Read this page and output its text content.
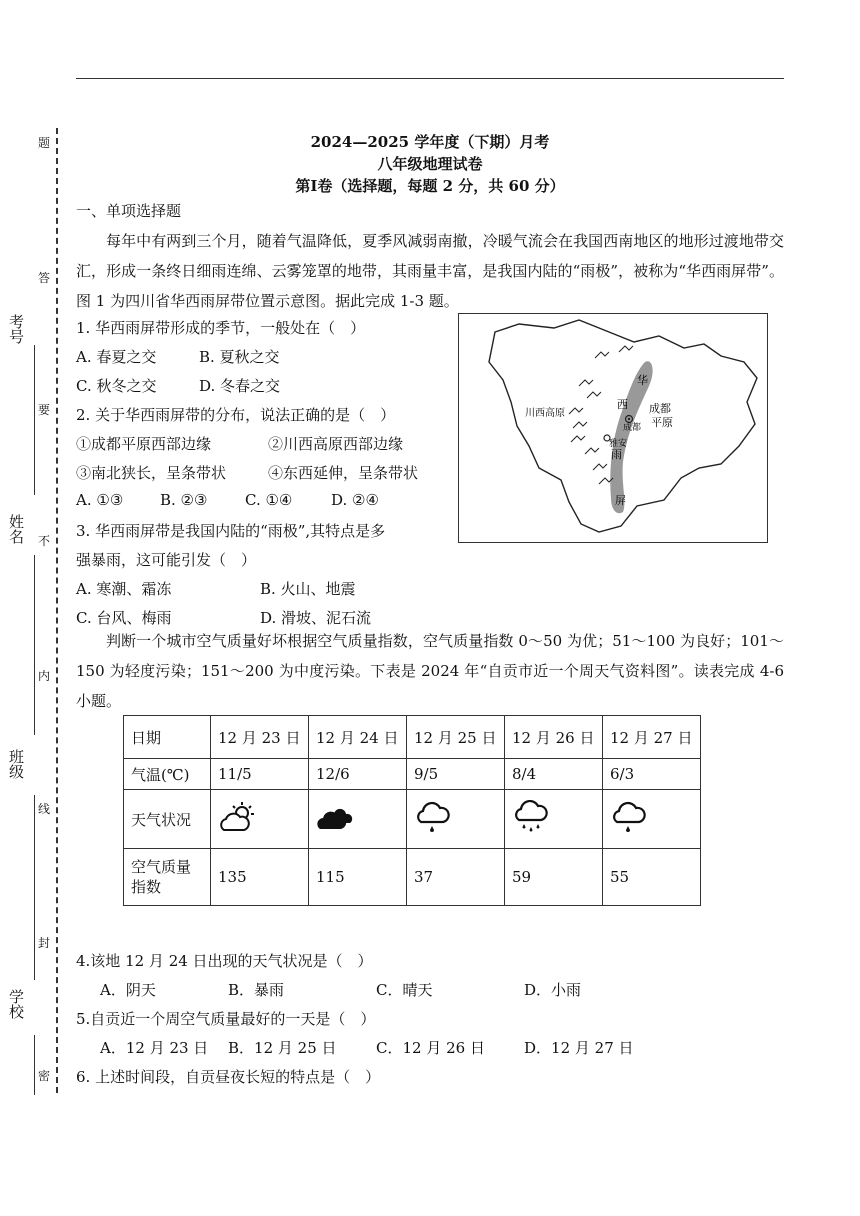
考号
姓名
班级
学校
题
答
要
不
内
线
封
密
2024—2025 学年度（下期）月考
八年级地理试卷
第Ⅰ卷（选择题，每题 2 分，共 60 分）
一、单项选择题
每年中有两到三个月，随着气温降低，夏季风减弱南撤，冷暖气流会在我国西南地区的地形过渡地带交汇，形成一条终日细雨连绵、云雾笼罩的地带，其雨量丰富，是我国内陆的“雨极”，被称为“华西雨屏带”。图 1 为四川省华西雨屏带位置示意图。据此完成 1-3 题。
1. 华西雨屏带形成的季节，一般处在（　）
A. 春夏之交	B. 夏秋之交
C. 秋冬之交	D. 冬春之交
2. 关于华西雨屏带的分布，说法正确的是（　）
①成都平原西部边缘	②川西高原西部边缘
③南北狭长，呈条带状	④东西延伸，呈条带状
A. ①③ B. ②③	C. ①④	D. ②④
3. 华西雨屏带是我国内陆的“雨极”,其特点是多
强暴雨，这可能引发（　）
A. 寒潮、霜冻	B. 火山、地震
C. 台风、梅雨	D. 滑坡、泥石流
川西高原
成都
雅安
成都
平原
华
西
雨
屏
判断一个城市空气质量好坏根据空气质量指数，空气质量指数 0～50 为优；51～100 为良好；101～150 为轻度污染；151～200 为中度污染。下表是 2024 年“自贡市近一个周天气资料图”。读表完成 4-6 小题。
日期	12 月 23 日	12 月 24 日	12 月 25 日	12 月 26 日	12 月 27 日
气温(℃)	11/5	12/6	9/5	8/4	6/3
天气状况					
空气质量
指数	135	115	37	59	55
4.该地 12 月 24 日出现的天气状况是（　）
A．阴天	B．暴雨	C．晴天	D．小雨
5.自贡近一个周空气质量最好的一天是（　）
A．12 月 23 日 B．12 月 25 日	C．12 月 26 日	D．12 月 27 日
6. 上述时间段，自贡昼夜长短的特点是（　）
